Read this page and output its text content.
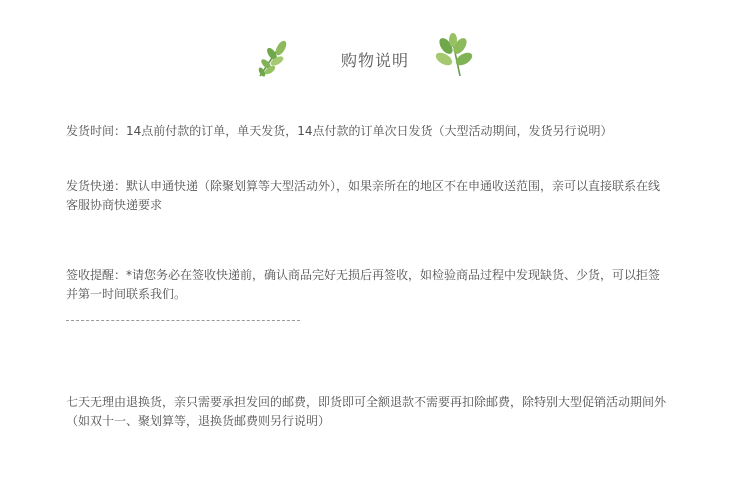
购物说明
发货时间：14点前付款的订单，单天发货，14点付款的订单次日发货（大型活动期间，发货另行说明）
发货快递：默认申通快递（除聚划算等大型活动外），如果亲所在的地区不在申通收送范围，亲可以直接联系在线客服协商快递要求
签收提醒：*请您务必在签收快递前，确认商品完好无损后再签收，如检验商品过程中发现缺货、少货，可以拒签并第一时间联系我们。
七天无理由退换货，亲只需要承担发回的邮费，即货即可全额退款不需要再扣除邮费，除特别大型促销活动期间外（如双十一、聚划算等，退换货邮费则另行说明）
